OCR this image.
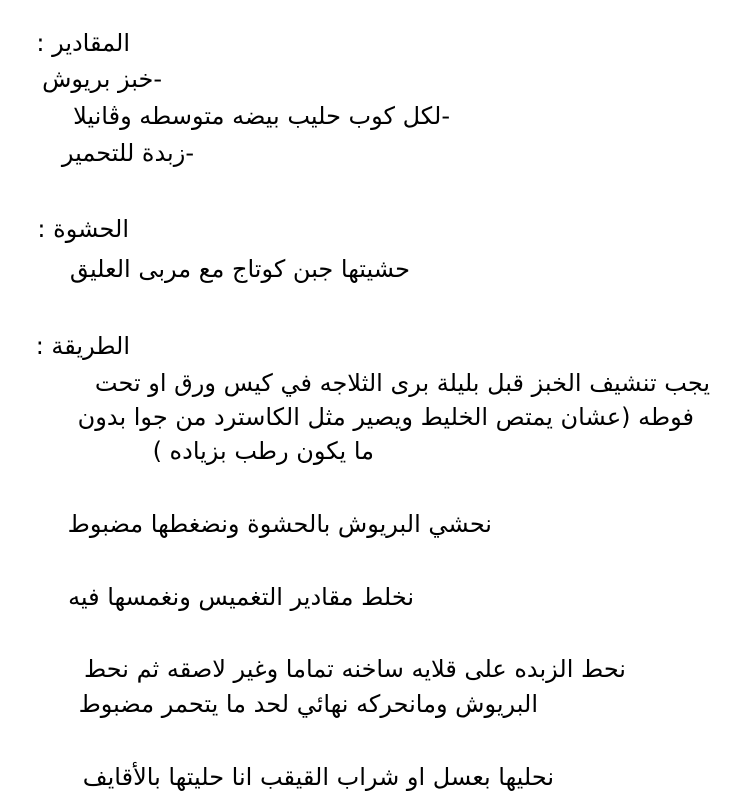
المقادير :
-خبز بريوش
-لكل كوب حليب بيضه متوسطه وڤانيلا
-زبدة للتحمير
الحشوة :
حشيتها جبن كوتاج مع مربى العليق
الطريقة :
يجب تنشيف الخبز قبل بليلة برى الثلاجه في كيس ورق او تحت
فوطه (عشان يمتص الخليط ويصير مثل الكاسترد من جوا بدون
ما يكون رطب بزياده )
نحشي البريوش بالحشوة ونضغطها مضبوط
نخلط مقادير التغميس ونغمسها فيه
نحط الزبده على قلايه ساخنه تماما وغير لاصقه ثم نحط
البريوش ومانحركه نهائي لحد ما يتحمر مضبوط
نحليها بعسل او شراب القيقب انا حليتها بالأقايف
